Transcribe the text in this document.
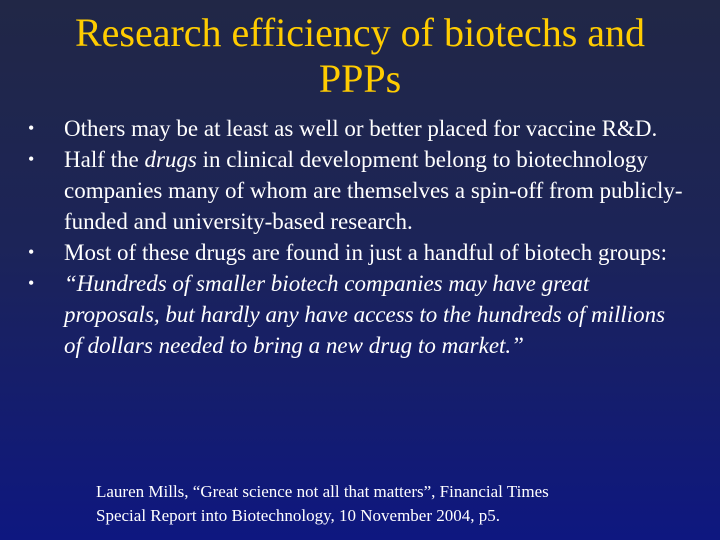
Research efficiency of biotechs and
PPPs
• Others may be at least as well or better placed for vaccine R&D.
• Half the drugs in clinical development belong to biotechnology companies many of whom are themselves a spin-off from publicly-funded and university-based research.
• Most of these drugs are found in just a handful of biotech groups:
• “Hundreds of smaller biotech companies may have great proposals, but hardly any have access to the hundreds of millions of dollars needed to bring a new drug to market.”
Lauren Mills, “Great science not all that matters”, Financial Times
Special Report into Biotechnology, 10 November 2004, p5.
